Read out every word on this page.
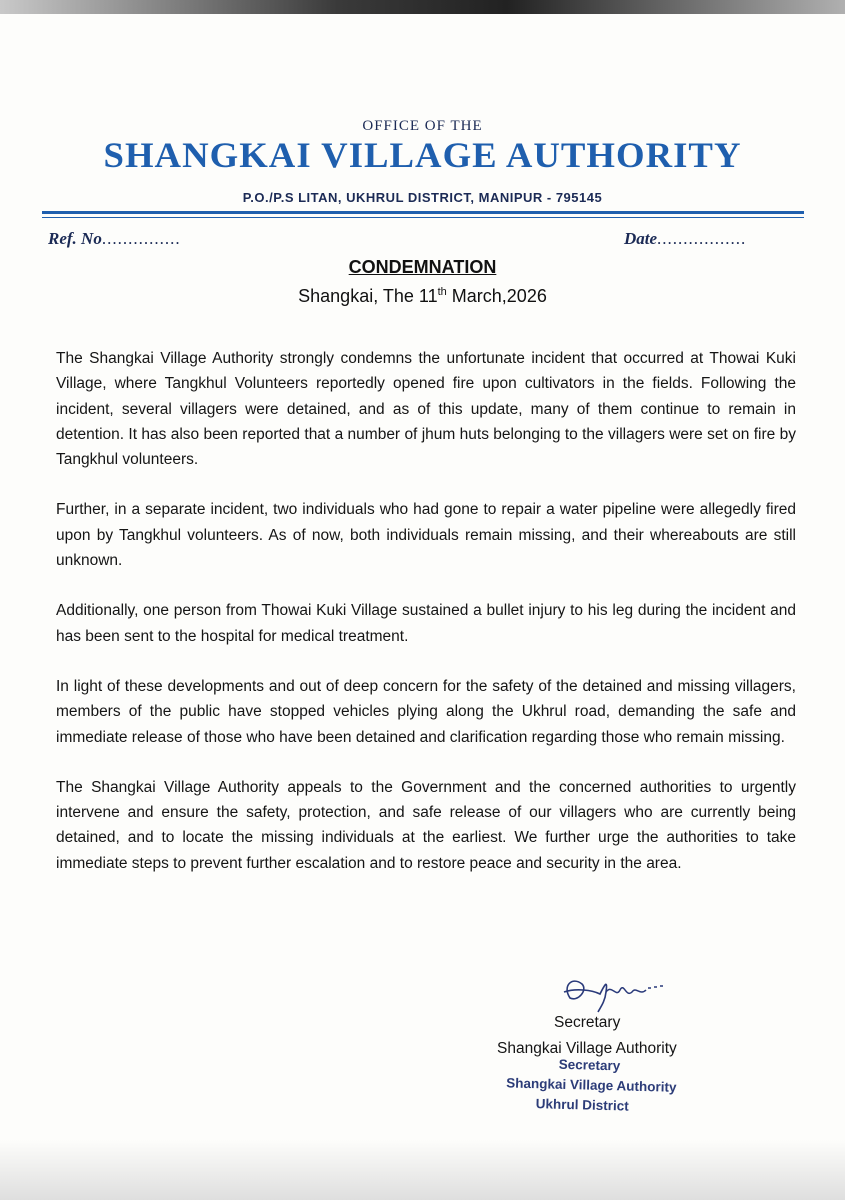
OFFICE OF THE
SHANGKAI VILLAGE AUTHORITY
P.O./P.S LITAN, UKHRUL DISTRICT, MANIPUR - 795145
Ref. No...............	Date.................
CONDEMNATION
Shangkai, The 11th March,2026

The Shangkai Village Authority strongly condemns the unfortunate incident that occurred at Thowai Kuki Village, where Tangkhul Volunteers reportedly opened fire upon cultivators in the fields. Following the incident, several villagers were detained, and as of this update, many of them continue to remain in detention. It has also been reported that a number of jhum huts belonging to the villagers were set on fire by Tangkhul volunteers.

Further, in a separate incident, two individuals who had gone to repair a water pipeline were allegedly fired upon by Tangkhul volunteers. As of now, both individuals remain missing, and their whereabouts are still unknown.

Additionally, one person from Thowai Kuki Village sustained a bullet injury to his leg during the incident and has been sent to the hospital for medical treatment.

In light of these developments and out of deep concern for the safety of the detained and missing villagers, members of the public have stopped vehicles plying along the Ukhrul road, demanding the safe and immediate release of those who have been detained and clarification regarding those who remain missing.

The Shangkai Village Authority appeals to the Government and the concerned authorities to urgently intervene and ensure the safety, protection, and safe release of our villagers who are currently being detained, and to locate the missing individuals at the earliest. We further urge the authorities to take immediate steps to prevent further escalation and to restore peace and security in the area.

Secretary
Shangkai Village Authority
Secretary
Shangkai Village Authority
Ukhrul District
